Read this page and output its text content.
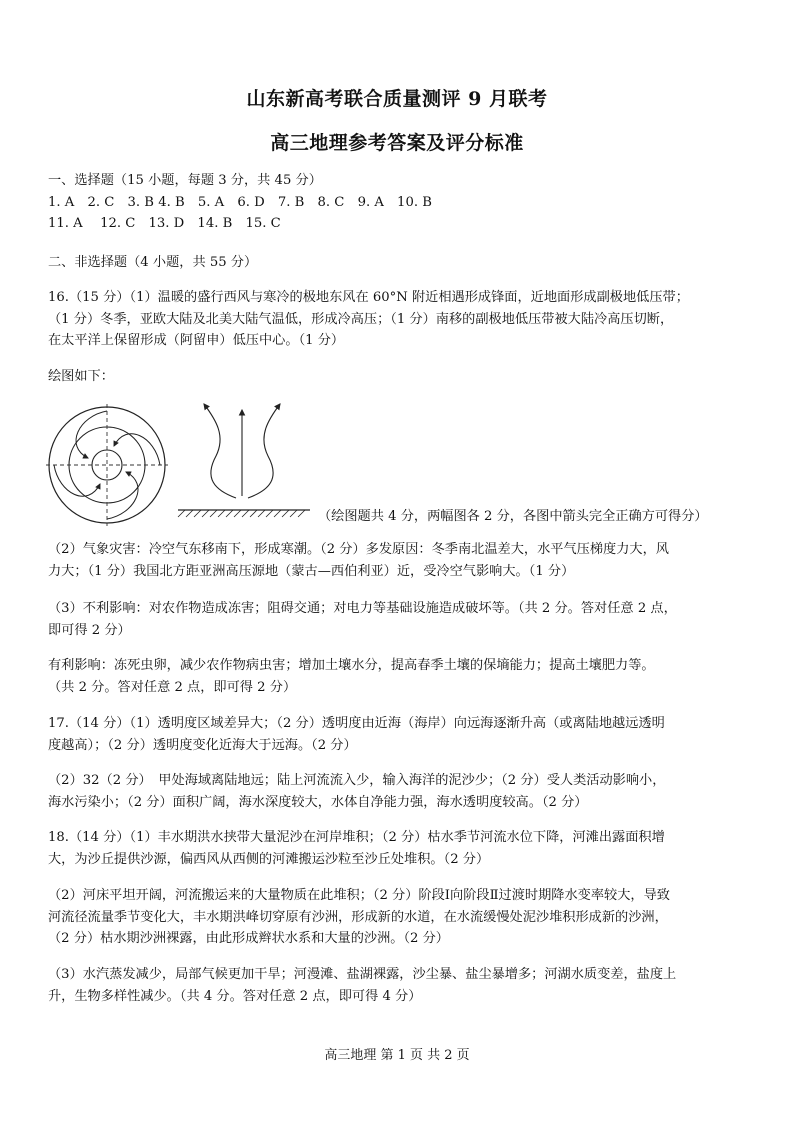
山东新高考联合质量测评 9 月联考
高三地理参考答案及评分标准
一、选择题（15 小题，每题 3 分，共 45 分）
1. A　2. C　3. B 4. B　5. A　6. D　7. B　8. C　9. A　10. B
11. A　 12. C　13. D　14. B　15. C
二、非选择题（4 小题，共 55 分）
16.（15 分）（1）温暖的盛行西风与寒冷的极地东风在 60°N 附近相遇形成锋面，近地面形成副极地低压带；
（1 分）冬季，亚欧大陆及北美大陆气温低，形成冷高压；（1 分）南移的副极地低压带被大陆冷高压切断，
在太平洋上保留形成（阿留申）低压中心。（1 分）
绘图如下：
（绘图题共 4 分，两幅图各 2 分，各图中箭头完全正确方可得分）
（2）气象灾害：冷空气东移南下，形成寒潮。（2 分）多发原因：冬季南北温差大，水平气压梯度力大，风
力大；（1 分）我国北方距亚洲高压源地（蒙古—西伯利亚）近，受冷空气影响大。（1 分）
（3）不利影响：对农作物造成冻害；阻碍交通；对电力等基础设施造成破坏等。（共 2 分。答对任意 2 点，
即可得 2 分）
有利影响：冻死虫卵，减少农作物病虫害；增加土壤水分，提高春季土壤的保墒能力；提高土壤肥力等。
（共 2 分。答对任意 2 点，即可得 2 分）
17.（14 分）（1）透明度区域差异大；（2 分）透明度由近海（海岸）向远海逐渐升高（或离陆地越远透明
度越高）；（2 分）透明度变化近海大于远海。（2 分）
（2）32（2 分）　甲处海域离陆地远；陆上河流流入少，输入海洋的泥沙少；（2 分）受人类活动影响小，
海水污染小；（2 分）面积广阔，海水深度较大，水体自净能力强，海水透明度较高。（2 分）
18.（14 分）（1）丰水期洪水挟带大量泥沙在河岸堆积；（2 分）枯水季节河流水位下降，河滩出露面积增
大，为沙丘提供沙源，偏西风从西侧的河滩搬运沙粒至沙丘处堆积。（2 分）
（2）河床平坦开阔，河流搬运来的大量物质在此堆积；（2 分）阶段Ⅰ向阶段Ⅱ过渡时期降水变率较大，导致
河流径流量季节变化大，丰水期洪峰切穿原有沙洲，形成新的水道，在水流缓慢处泥沙堆积形成新的沙洲，
（2 分）枯水期沙洲裸露，由此形成辫状水系和大量的沙洲。（2 分）
（3）水汽蒸发减少，局部气候更加干旱；河漫滩、盐湖裸露，沙尘暴、盐尘暴增多；河湖水质变差，盐度上
升，生物多样性减少。（共 4 分。答对任意 2 点，即可得 4 分）
高三地理 第 1 页 共 2 页
